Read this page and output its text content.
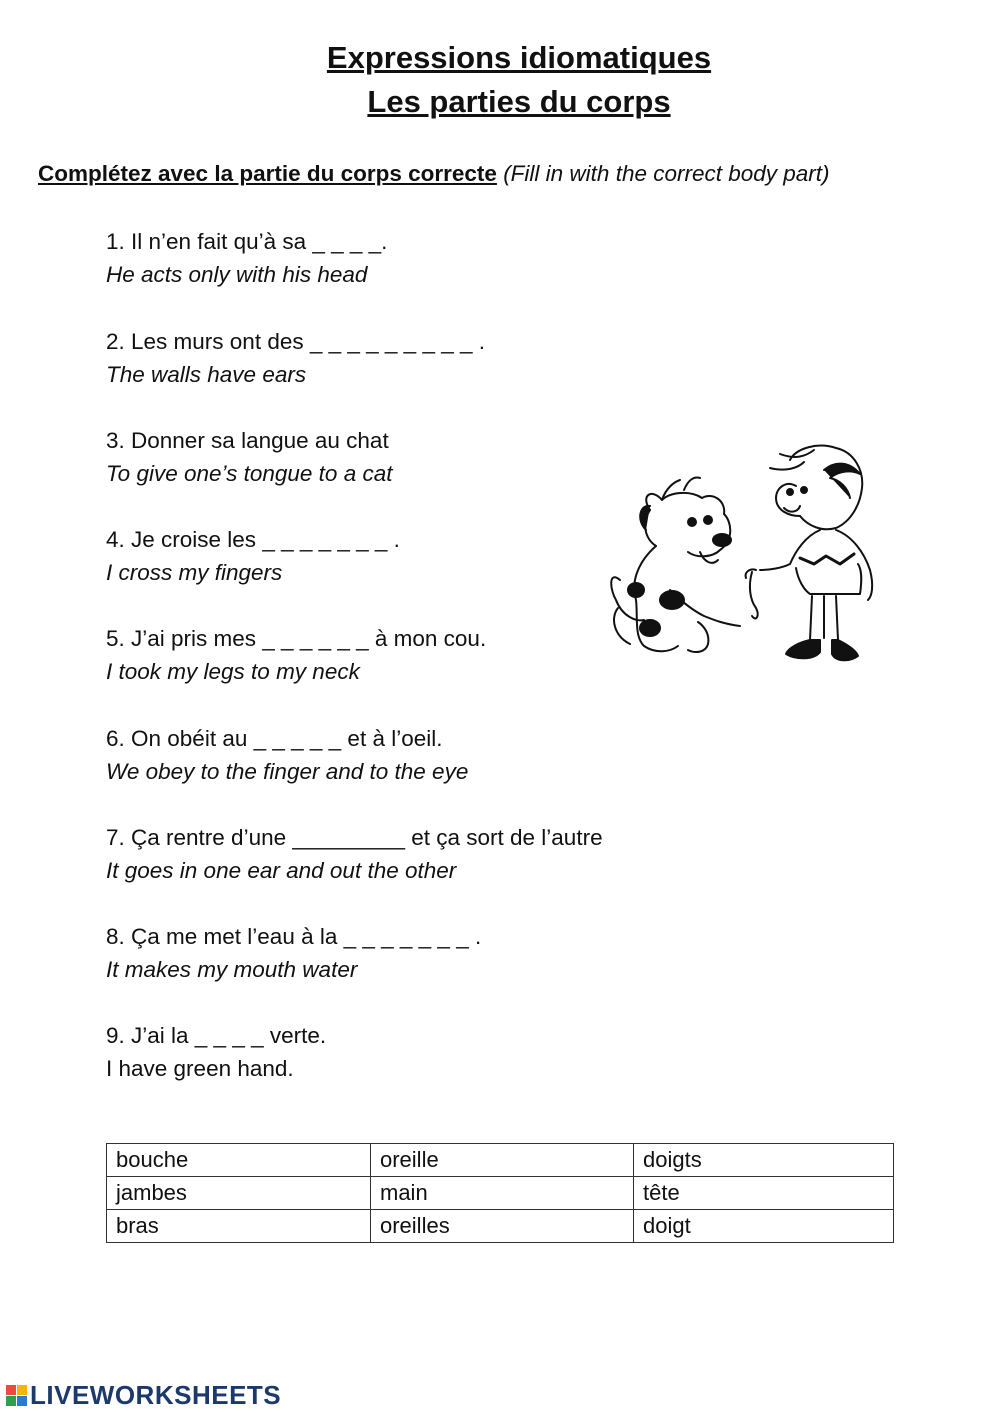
Expressions idiomatiques
Les parties du corps
Complétez avec la partie du corps correcte (Fill in with the correct body part)
1. Il n’en fait qu’à sa _ _ _ _.
He acts only with his head
2. Les murs ont des _ _ _ _ _ _ _ _ _ .
The walls have ears
3. Donner sa langue au chat
To give one’s tongue to a cat
4. Je croise les _ _ _ _ _ _ _ .
I cross my fingers
5. J’ai pris mes _ _ _ _ _ _ à mon cou.
I took my legs to my neck
6. On obéit au _ _ _ _ _ et à l’oeil.
We obey to the finger and to the eye
7. Ça rentre d’une _________ et ça sort de l’autre
It goes in one ear and out the other
8. Ça me met l’eau à la _ _ _ _ _ _ _ .
It makes my mouth water
9. J’ai la _ _ _ _ verte.
I have green hand.
bouche	oreille	doigts
jambes	main	tête
bras	oreilles	doigt
LIVEWORKSHEETS
